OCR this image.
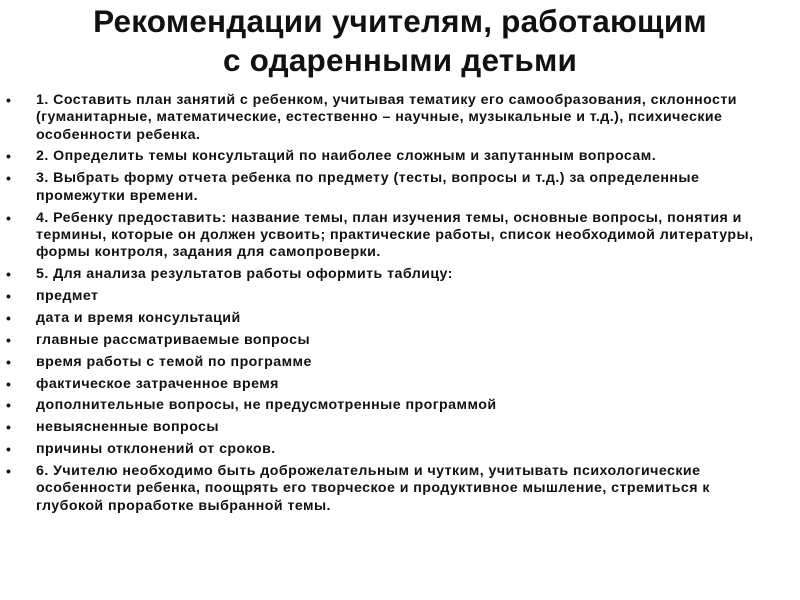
Рекомендации учителям, работающим
с одаренными детьми
• 1. Составить план занятий с ребенком, учитывая тематику его самообразования, склонности (гуманитарные, математические, естественно – научные, музыкальные и т.д.), психические особенности ребенка.
• 2. Определить темы консультаций по наиболее сложным и запутанным вопросам.
• 3. Выбрать форму отчета ребенка по предмету (тесты, вопросы и т.д.) за определенные промежутки времени.
• 4. Ребенку предоставить: название темы, план изучения темы, основные вопросы, понятия и термины, которые он должен усвоить; практические работы, список необходимой литературы, формы контроля, задания для самопроверки.
• 5. Для анализа результатов работы оформить таблицу:
• предмет
• дата и время консультаций
• главные рассматриваемые вопросы
• время работы с темой по программе
• фактическое затраченное время
• дополнительные вопросы, не предусмотренные программой
• невыясненные вопросы
• причины отклонений от сроков.
• 6. Учителю необходимо быть доброжелательным и чутким, учитывать психологические особенности ребенка, поощрять его творческое и продуктивное мышление, стремиться к глубокой проработке выбранной темы.
